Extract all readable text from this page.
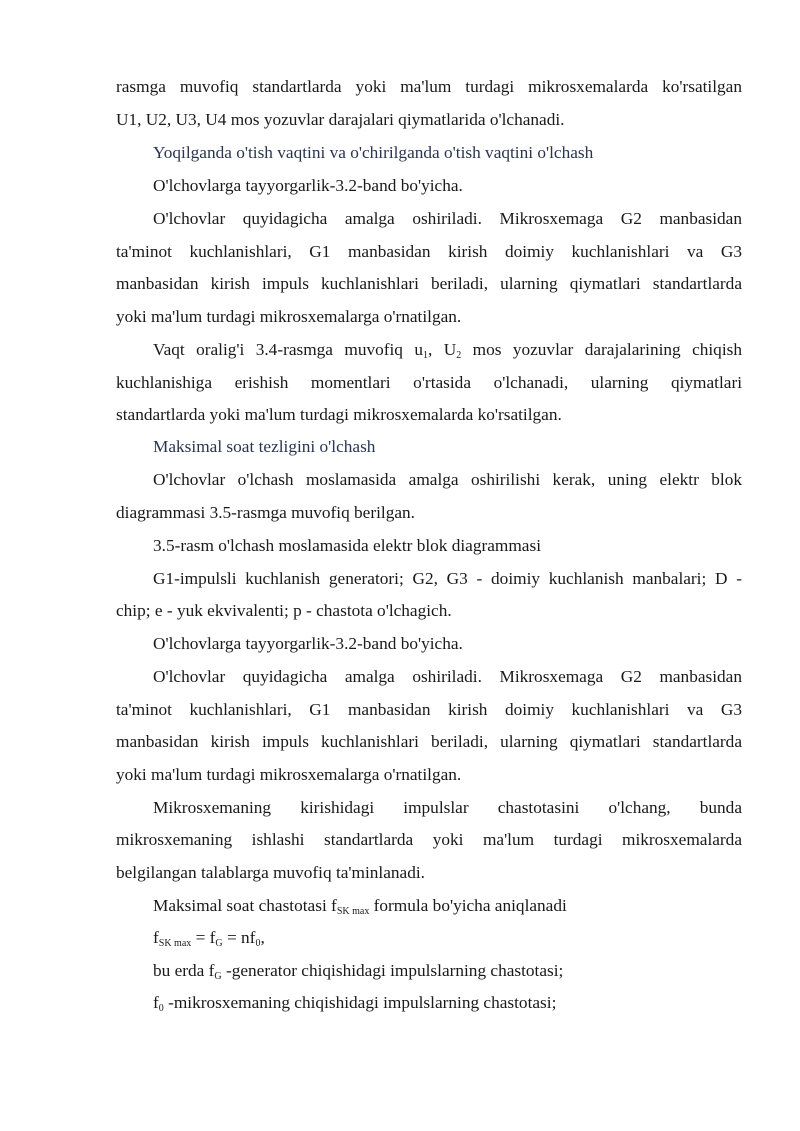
rasmga muvofiq standartlarda yoki ma'lum turdagi mikrosxemalarda ko'rsatilgan
U1, U2, U3, U4 mos yozuvlar darajalari qiymatlarida o'lchanadi.
Yoqilganda o'tish vaqtini va o'chirilganda o'tish vaqtini o'lchash
O'lchovlarga tayyorgarlik-3.2-band bo'yicha.
O'lchovlar quyidagicha amalga oshiriladi. Mikrosxemaga G2 manbasidan
ta'minot kuchlanishlari, G1 manbasidan kirish doimiy kuchlanishlari va G3
manbasidan kirish impuls kuchlanishlari beriladi, ularning qiymatlari standartlarda
yoki ma'lum turdagi mikrosxemalarga o'rnatilgan.
Vaqt oralig'i 3.4-rasmga muvofiq $u_1$, $U_2$ mos yozuvlar darajalarining chiqish
kuchlanishiga erishish momentlari o'rtasida o'lchanadi, ularning qiymatlari
standartlarda yoki ma'lum turdagi mikrosxemalarda ko'rsatilgan.
Maksimal soat tezligini o'lchash
O'lchovlar o'lchash moslamasida amalga oshirilishi kerak, uning elektr blok
diagrammasi 3.5-rasmga muvofiq berilgan.
3.5-rasm o'lchash moslamasida elektr blok diagrammasi
G1-impulsli kuchlanish generatori; G2, G3 - doimiy kuchlanish manbalari; D -
chip; e - yuk ekvivalenti; p - chastota o'lchagich.
O'lchovlarga tayyorgarlik-3.2-band bo'yicha.
O'lchovlar quyidagicha amalga oshiriladi. Mikrosxemaga G2 manbasidan
ta'minot kuchlanishlari, G1 manbasidan kirish doimiy kuchlanishlari va G3
manbasidan kirish impuls kuchlanishlari beriladi, ularning qiymatlari standartlarda
yoki ma'lum turdagi mikrosxemalarga o'rnatilgan.
Mikrosxemaning kirishidagi impulslar chastotasini o'lchang, bunda
mikrosxemaning ishlashi standartlarda yoki ma'lum turdagi mikrosxemalarda
belgilangan talablarga muvofiq ta'minlanadi.
Maksimal soat chastotasi $f_{SK max}$ formula bo'yicha aniqlanadi
$f_{SK max} = f_G = nf_0$,
bu erda $f_G$ -generator chiqishidagi impulslarning chastotasi;
$f_0$ -mikrosxemaning chiqishidagi impulslarning chastotasi;
